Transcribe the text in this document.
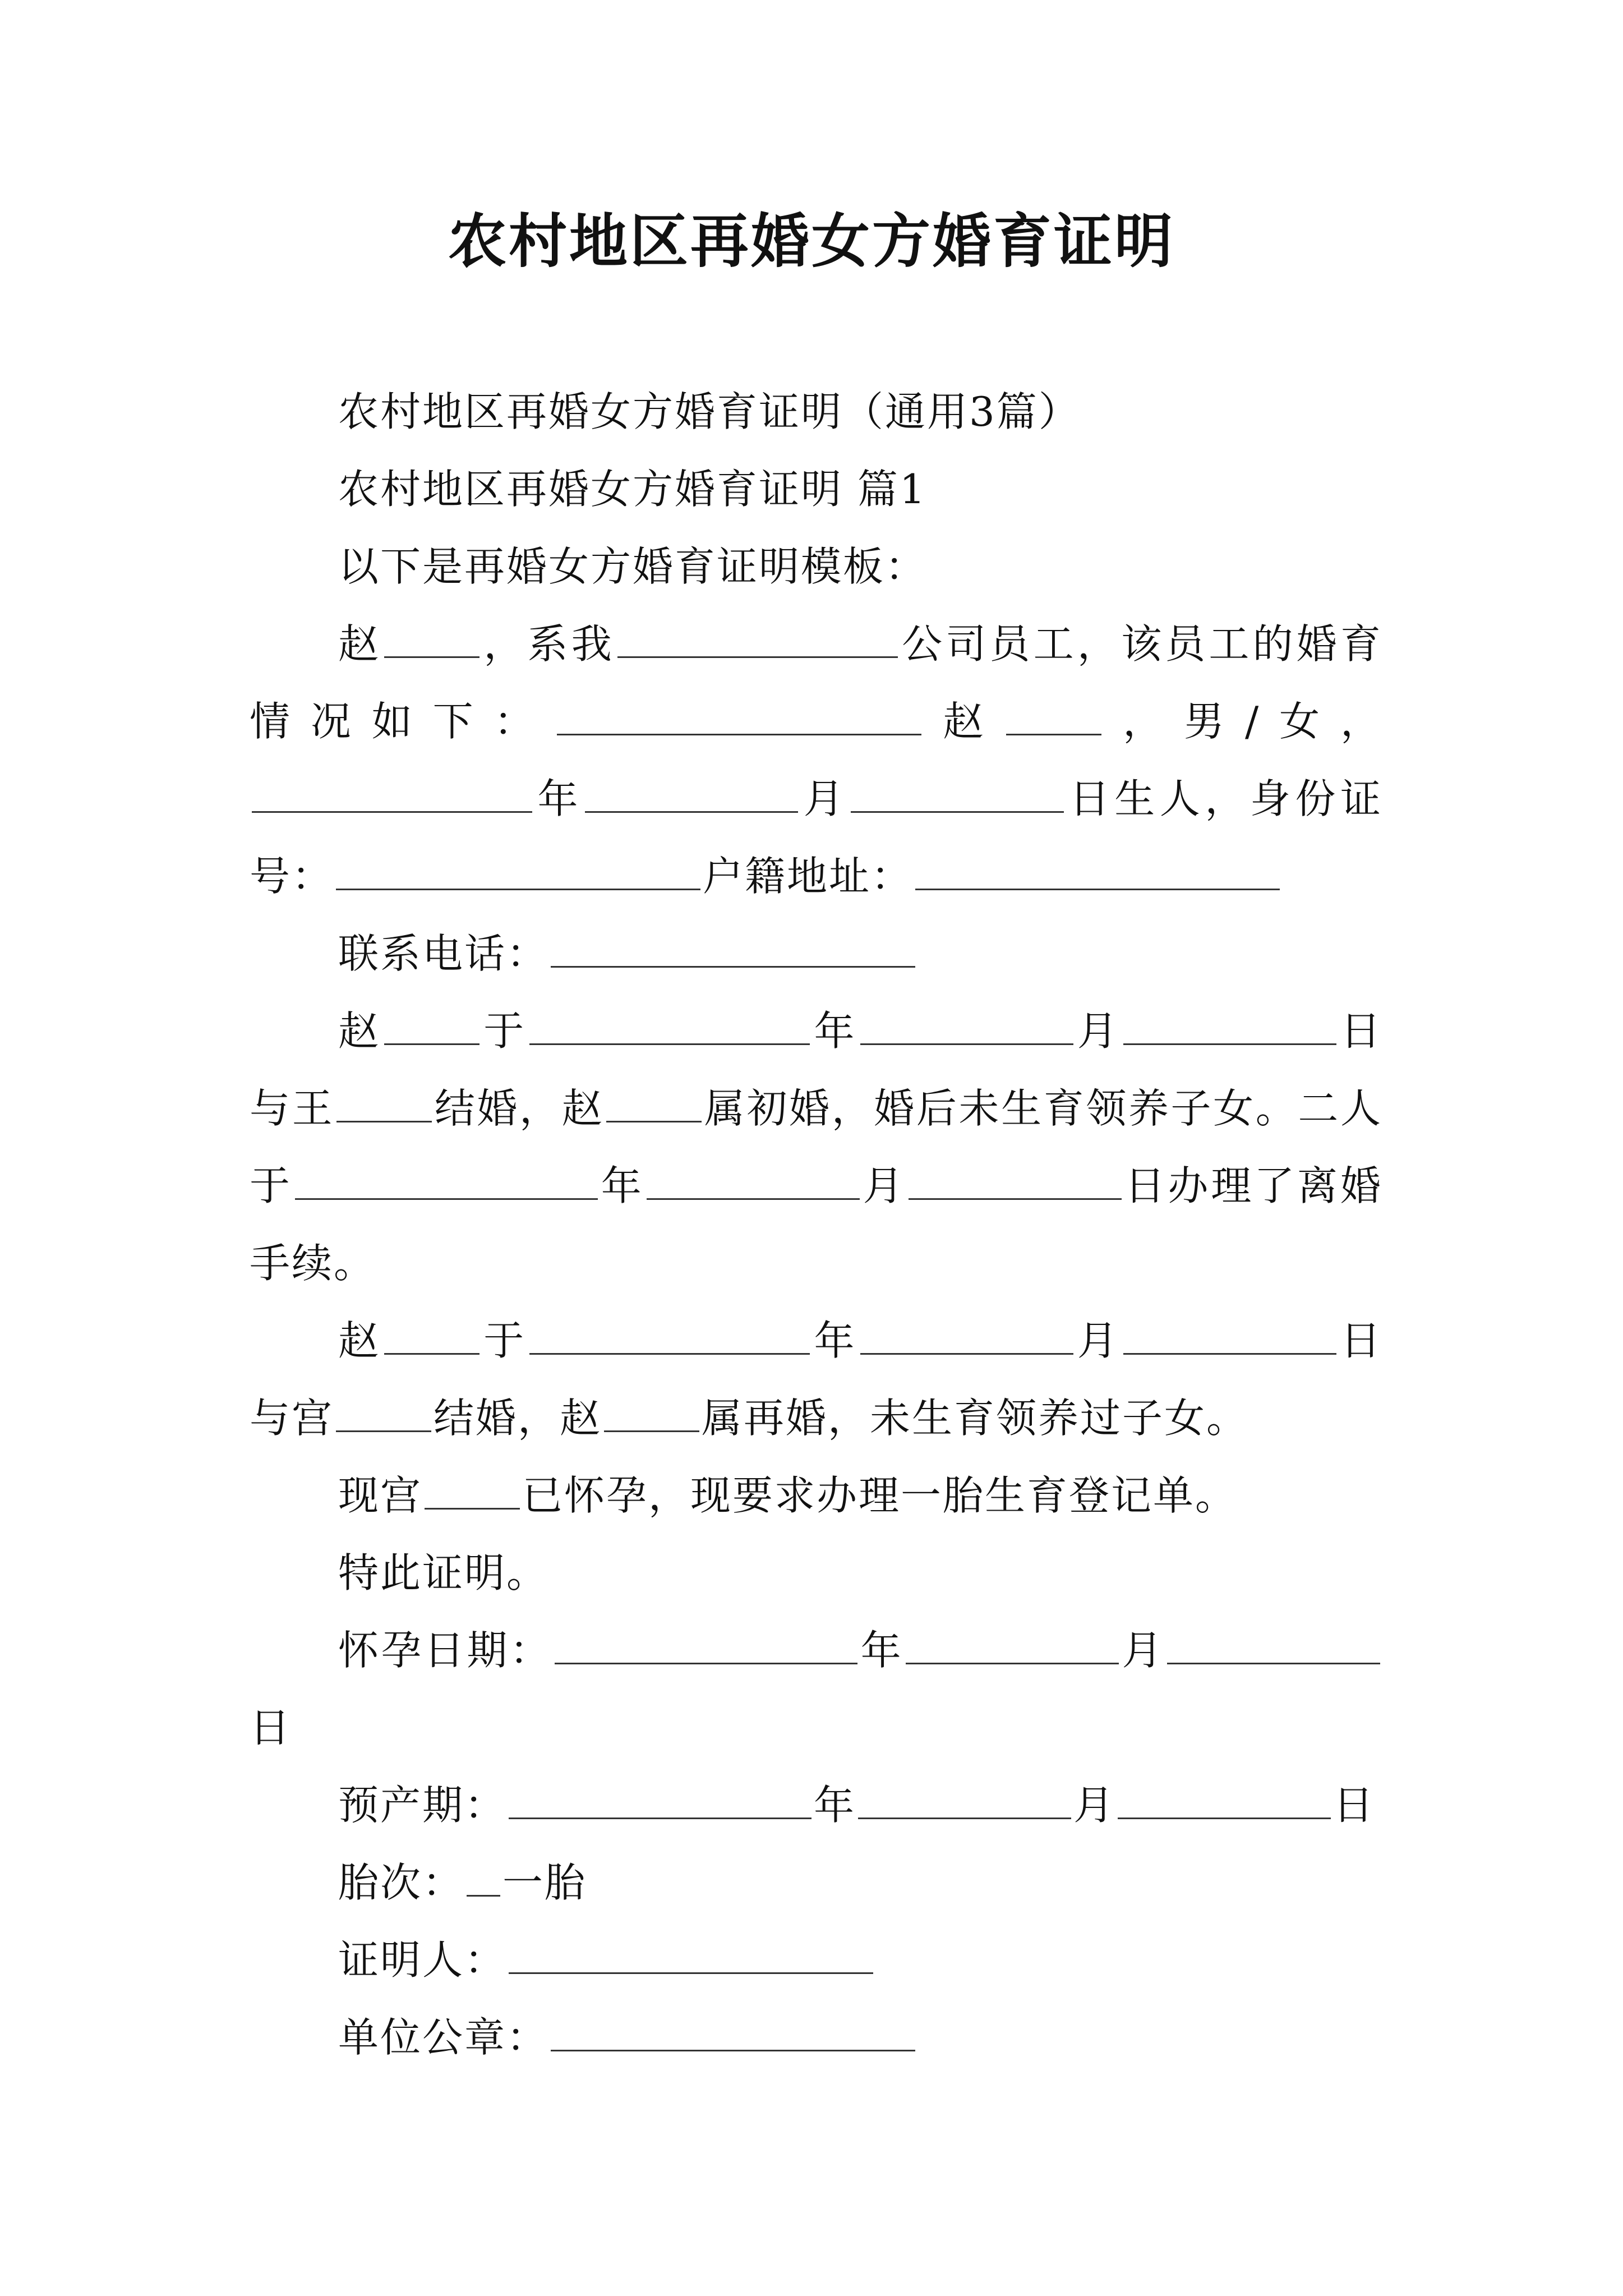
农村地区再婚女方婚育证明

农村地区再婚女方婚育证明（通用3篇）

农村地区再婚女方婚育证明 篇1

以下是再婚女方婚育证明模板：

赵 ，系我	公司员工，该员工的婚育情况如下：	赵 ，男/女，年	月	日生人，身份证号：	户籍地址：

联系电话：

赵 于	年	月	日与王 结婚，赵 属初婚，婚后未生育领养子女。二人于	年	月	日办理了离婚手续。

赵 于	年	月	日与宫 结婚，赵 属再婚，未生育领养过子女。

现宫 已怀孕，现要求办理一胎生育登记单。

特此证明。

怀孕日期：	年	月日

预产期：	年	月	日

胎次： 一胎

证明人：

单位公章：
